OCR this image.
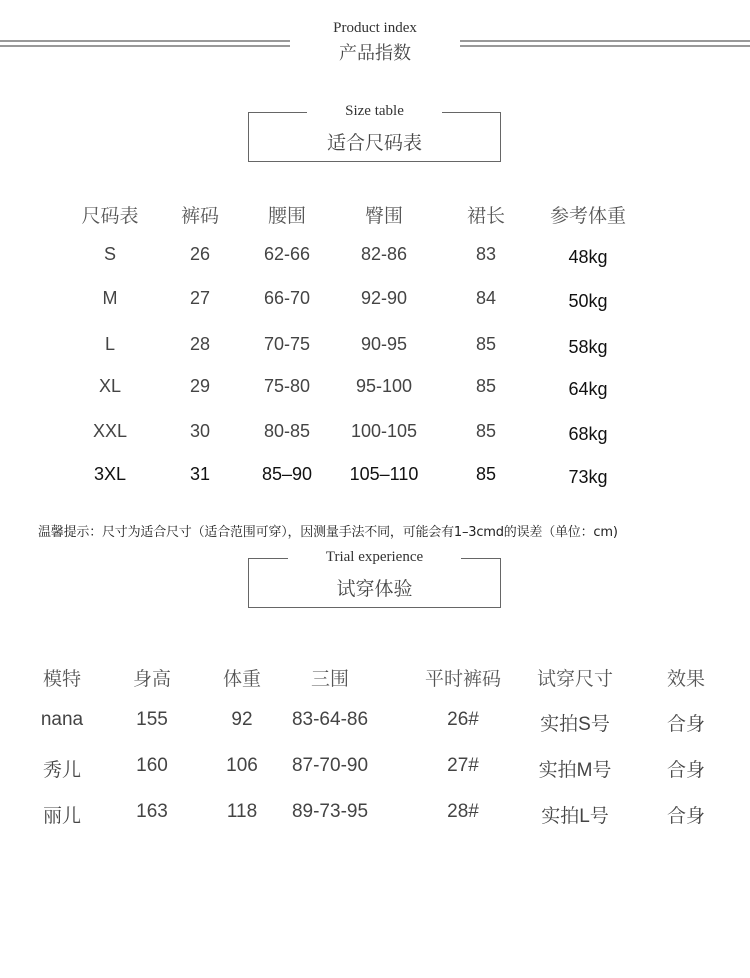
Product index
产品指数
Size table
适合尺码表
尺码表	裤码	腰围	臀围	裙长	参考体重
S	26	62-66	82-86	83	48kg
M	27	66-70	92-90	84	50kg
L	28	70-75	90-95	85	58kg
XL	29	75-80	95-100	85	64kg
XXL	30	80-85	100-105	85	68kg
3XL	31	85–90	105–110	85	73kg
温馨提示：尺寸为适合尺寸（适合范围可穿），因测量手法不同，可能会有1–3cmd的误差（单位：cm)
Trial experience
试穿体验
模特	身高	体重	三围	平时裤码	试穿尺寸	效果
nana	155	92	83-64-86	26#	实拍S号	合身
秀儿	160	106	87-70-90	27#	实拍M号	合身
丽儿	163	118	89-73-95	28#	实拍L号	合身
